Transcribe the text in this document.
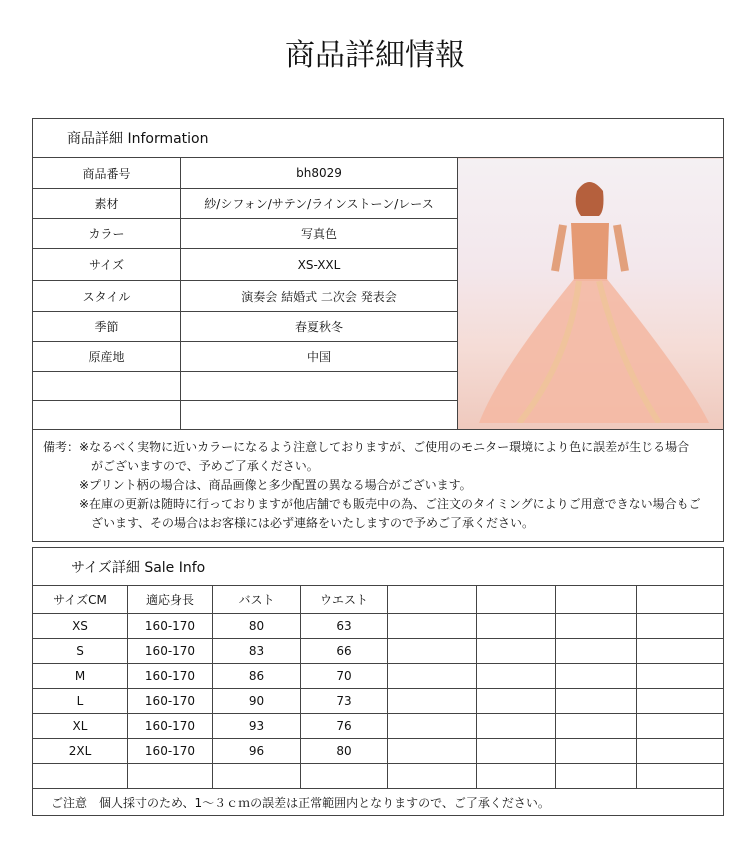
商品詳細情報
商品詳細 Information		
商品番号	bh8029	
素材	紗/シフォン/サテン/ラインストーン/レース	
カラー	写真色	
サイズ	XS-XXL	
スタイル	演奏会 結婚式 二次会 発表会	
季節	春夏秋冬	
原産地	中国	

備考：※なるべく実物に近いカラーになるよう注意しておりますが、ご使用のモニター環境により色に誤差が生じる場合
がございますので、予めご了承ください。
※プリント柄の場合は、商品画像と多少配置の異なる場合がございます。
※在庫の更新は随時に行っておりますが他店舗でも販売中の為、ご注文のタイミングによりご用意できない場合もご
ざいます、その場合はお客様には必ず連絡をいたしますので予めご了承ください。		
サイズ詳細 Sale Info							
サイズCM	適応身長	バスト	ウエスト				
XS	160-170	80	63				
S	160-170	83	66				
M	160-170	86	70				
L	160-170	90	73				
XL	160-170	93	76				
2XL	160-170	96	80				

ご注意　個人採寸のため、1～３ｃｍの誤差は正常範囲内となりますので、ご了承ください。							
